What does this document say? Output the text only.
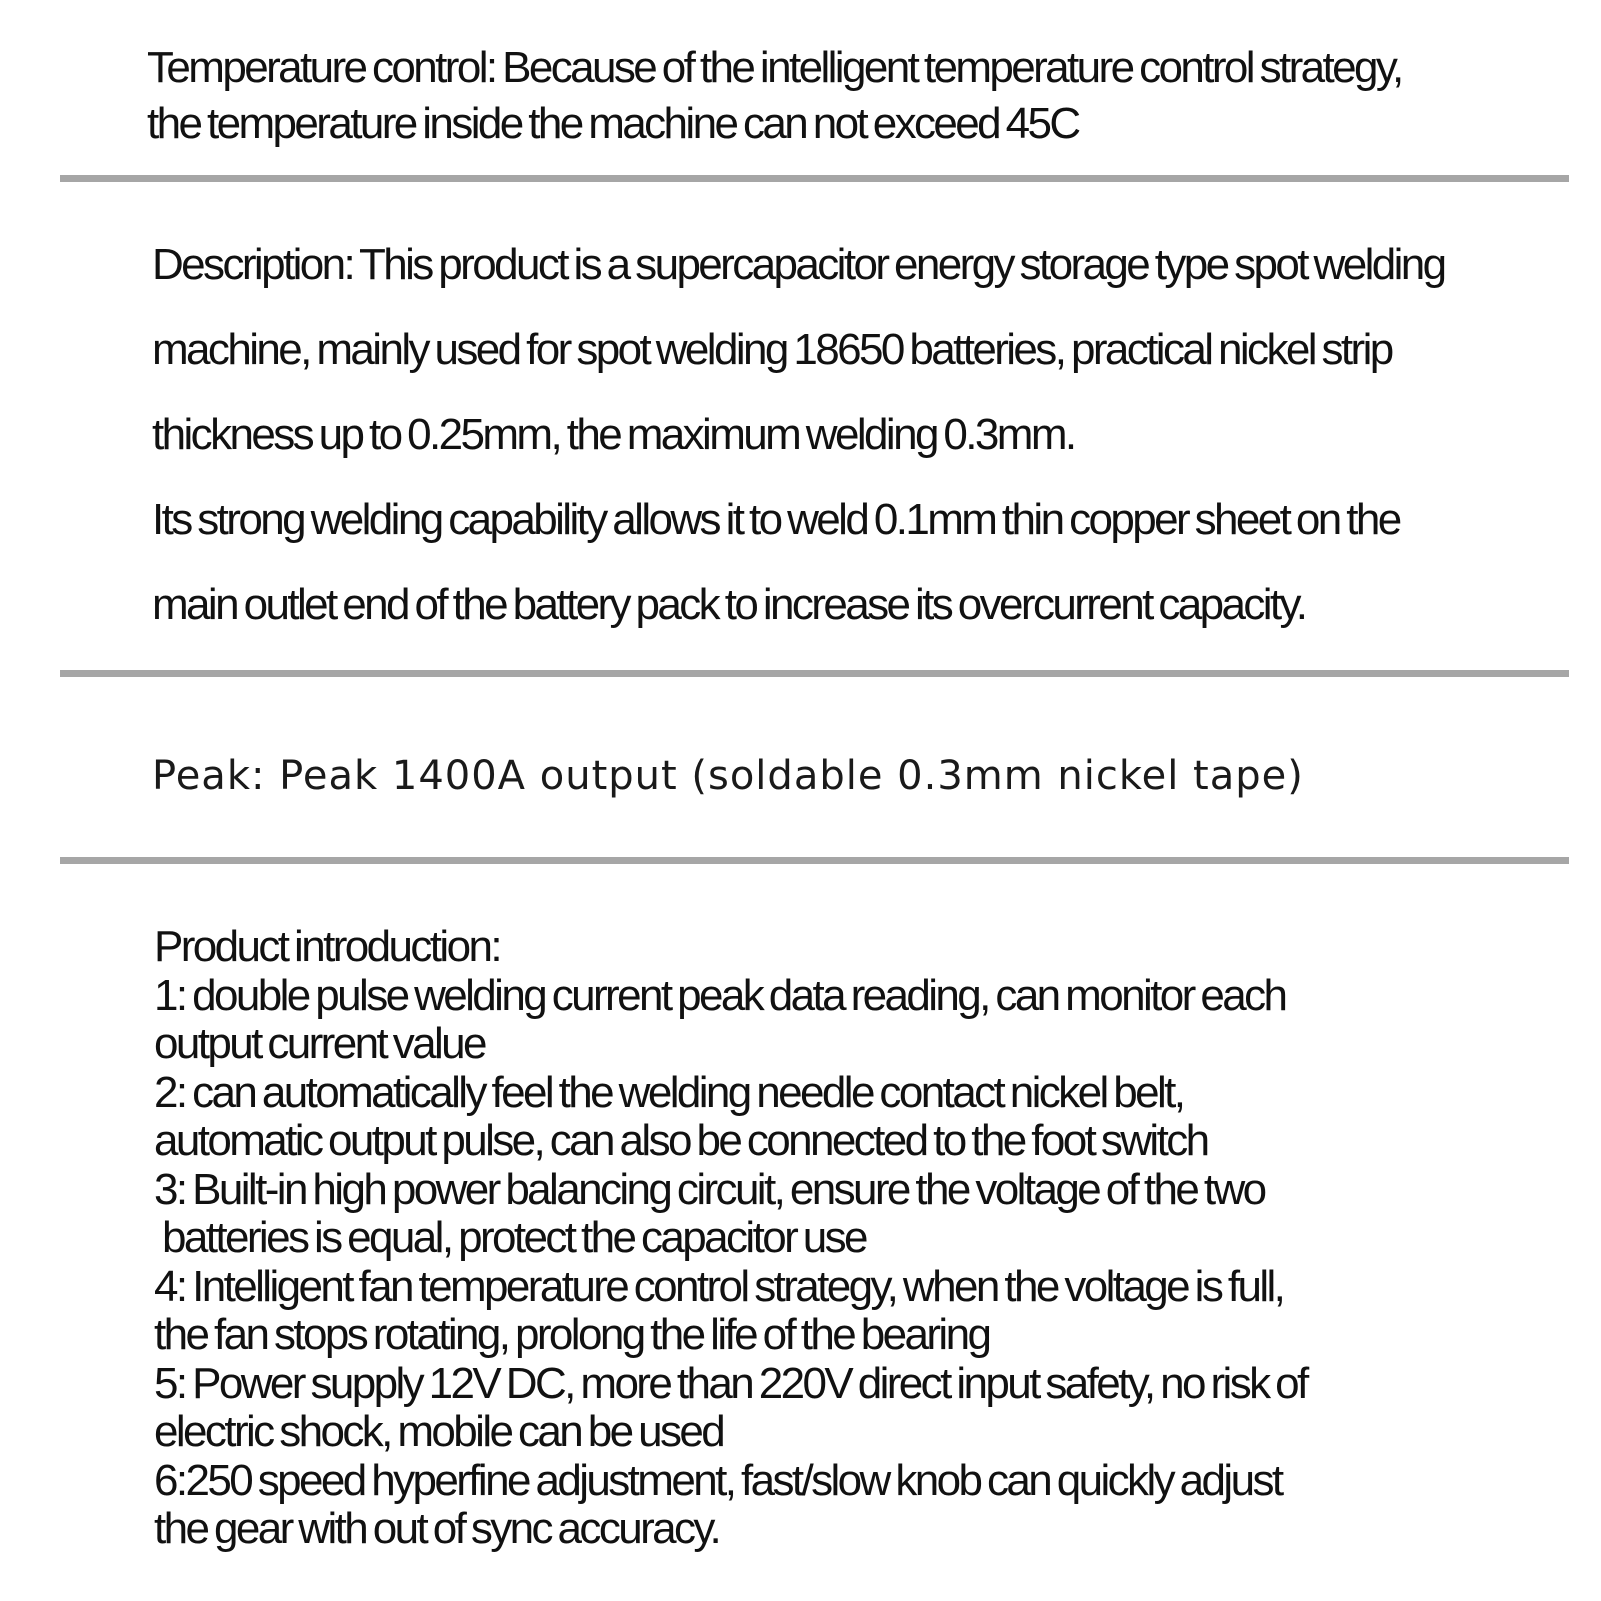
Temperature control: Because of the intelligent temperature control strategy,
the temperature inside the machine can not exceed 45C
Description: This product is a supercapacitor energy storage type spot welding
machine, mainly used for spot welding 18650 batteries, practical nickel strip
thickness up to 0.25mm, the maximum welding 0.3mm.
Its strong welding capability allows it to weld 0.1mm thin copper sheet on the
main outlet end of the battery pack to increase its overcurrent capacity.
Peak: Peak 1400A output (soldable 0.3mm nickel tape)
Product introduction:
1: double pulse welding current peak data reading, can monitor each
output current value
2: can automatically feel the welding needle contact nickel belt,
automatic output pulse, can also be connected to the foot switch
3: Built-in high power balancing circuit, ensure the voltage of the two
batteries is equal, protect the capacitor use
4: Intelligent fan temperature control strategy, when the voltage is full,
the fan stops rotating, prolong the life of the bearing
5: Power supply 12V DC, more than 220V direct input safety, no risk of
electric shock, mobile can be used
6:250 speed hyperfine adjustment, fast/slow knob can quickly adjust
the gear with out of sync accuracy.
